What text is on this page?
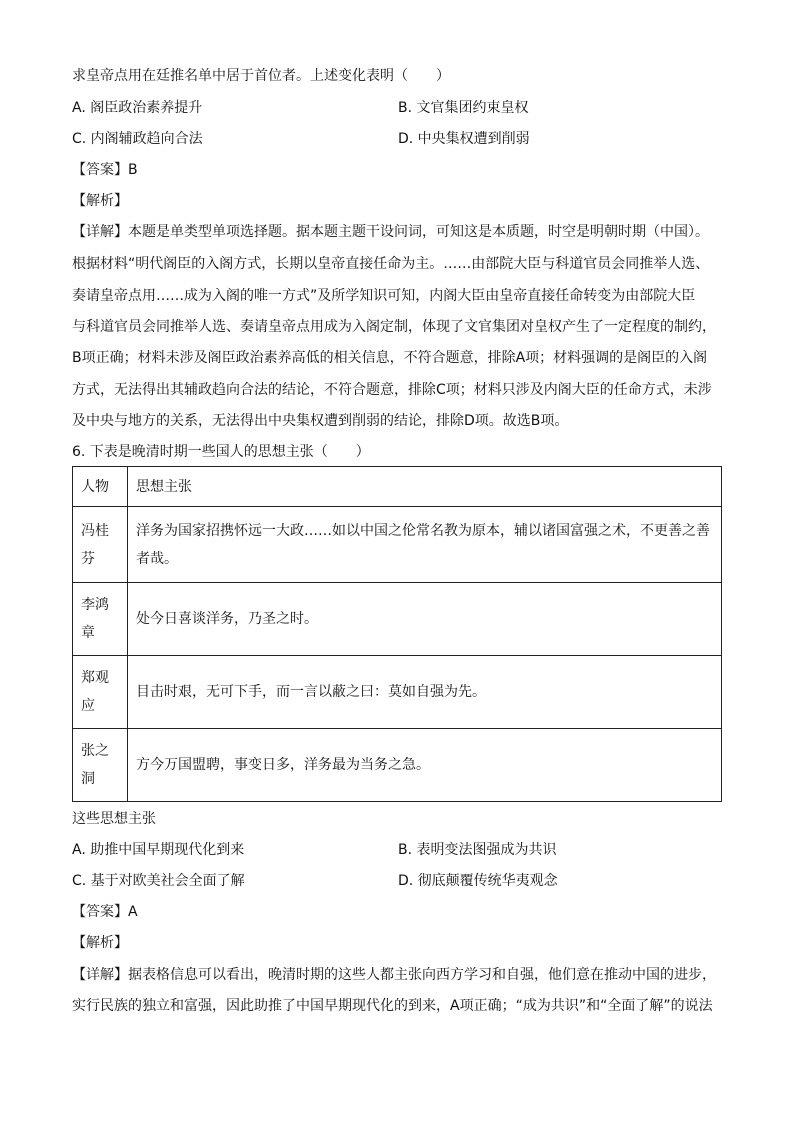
求皇帝点用在廷推名单中居于首位者。上述变化表明（　　）
A. 阁臣政治素养提升	B. 文官集团约束皇权
C. 内阁辅政趋向合法	D. 中央集权遭到削弱
【答案】B
【解析】
【详解】本题是单类型单项选择题。据本题主题干设问词，可知这是本质题，时空是明朝时期（中国）。
根据材料“明代阁臣的入阁方式，长期以皇帝直接任命为主。……由部院大臣与科道官员会同推举人选、
奏请皇帝点用……成为入阁的唯一方式”及所学知识可知，内阁大臣由皇帝直接任命转变为由部院大臣
与科道官员会同推举人选、奏请皇帝点用成为入阁定制，体现了文官集团对皇权产生了一定程度的制约，
B项正确；材料未涉及阁臣政治素养高低的相关信息，不符合题意，排除A项；材料强调的是阁臣的入阁
方式，无法得出其辅政趋向合法的结论，不符合题意，排除C项；材料只涉及内阁大臣的任命方式，未涉
及中央与地方的关系，无法得出中央集权遭到削弱的结论，排除D项。故选B项。
6. 下表是晚清时期一些国人的思想主张（　　）
人物	思想主张
冯桂芬	洋务为国家招携怀远一大政……如以中国之伦常名教为原本，辅以诸国富强之术，不更善之善者哉。
李鸿章	处今日喜谈洋务，乃圣之时。
郑观应	目击时艰，无可下手，而一言以蔽之曰：莫如自强为先。
张之洞	方今万国盟聘，事变日多，洋务最为当务之急。
这些思想主张
A. 助推中国早期现代化到来	B. 表明变法图强成为共识
C. 基于对欧美社会全面了解	D. 彻底颠覆传统华夷观念
【答案】A
【解析】
【详解】据表格信息可以看出，晚清时期的这些人都主张向西方学习和自强，他们意在推动中国的进步，
实行民族的独立和富强，因此助推了中国早期现代化的到来，A项正确；“成为共识”和“全面了解”的说法
